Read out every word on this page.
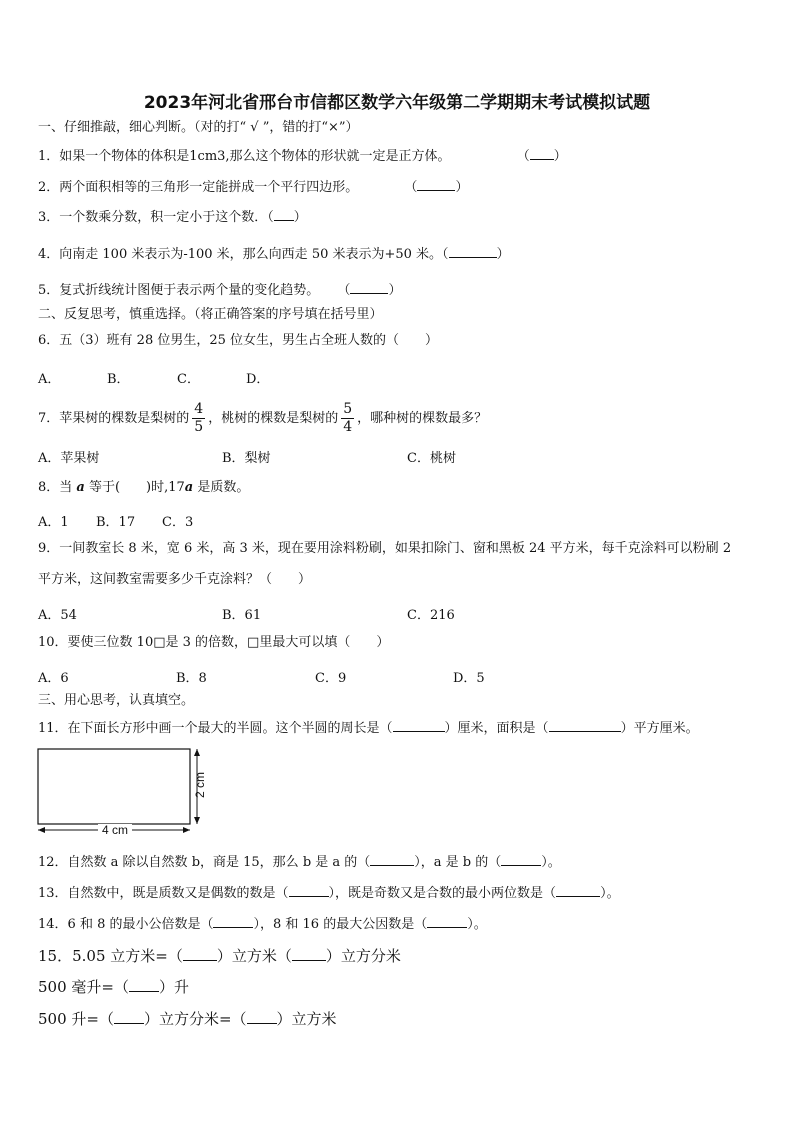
2023年河北省邢台市信都区数学六年级第二学期期末考试模拟试题
一、仔细推敲，细心判断。（对的打“ √ ”，错的打“×”）
1．如果一个物体的体积是1cm3,那么这个物体的形状就一定是正方体。	（ ）
2．两个面积相等的三角形一定能拼成一个平行四边形。	（	）
3．一个数乘分数，积一定小于这个数．（ ）
4．向南走 100 米表示为-100 米，那么向西走 50 米表示为+50 米。（	）
5．复式折线统计图便于表示两个量的变化趋势。 （	）
二、反复思考，慎重选择。（将正确答案的序号填在括号里）
6．五（3）班有 28 位男生，25 位女生，男生占全班人数的（　　）
A．	B．	C．	D．
7．苹果树的棵数是梨树的 $\frac{4}{5}$ ，桃树的棵数是梨树的 $\frac{5}{4}$ ，哪种树的棵数最多？
A．苹果树	B．梨树	C．桃树
8．当 a 等于(　　)时,17a 是质数。
A．1 B．17 C．3
9．一间教室长 8 米，宽 6 米，高 3 米，现在要用涂料粉刷，如果扣除门、窗和黑板 24 平方米，每千克涂料可以粉刷 2
平方米，这间教室需要多少千克涂料？（　　）
A．54	B．61	C．216
10．要使三位数 10□是 3 的倍数，□里最大可以填（　　）
A．6	B．8	C．9	D．5
三、用心思考，认真填空。
11．在下面长方形中画一个最大的半圆。这个半圆的周长是（	）厘米，面积是（	）平方厘米。
2 cm
4 cm
12．自然数 a 除以自然数 b，商是 15，那么 b 是 a 的（	），a 是 b 的（	）。
13．自然数中，既是质数又是偶数的数是（	），既是奇数又是合数的最小两位数是（	）。
14．6 和 8 的最小公倍数是（	），8 和 16 的最大公因数是（	）。
15．5.05 立方米=（ ）立方米（ ）立方分米
500 毫升=（ ）升
500 升=（ ）立方分米=（ ）立方米
